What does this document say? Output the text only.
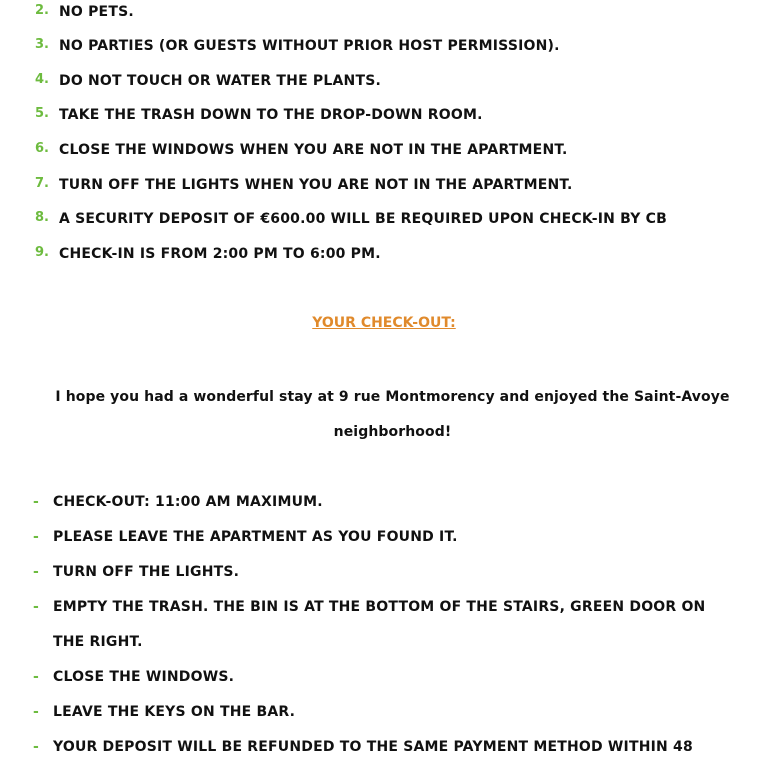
2. NO PETS.
3. NO PARTIES (OR GUESTS WITHOUT PRIOR HOST PERMISSION).
4. DO NOT TOUCH OR WATER THE PLANTS.
5. TAKE THE TRASH DOWN TO THE DROP-DOWN ROOM.
6. CLOSE THE WINDOWS WHEN YOU ARE NOT IN THE APARTMENT.
7. TURN OFF THE LIGHTS WHEN YOU ARE NOT IN THE APARTMENT.
8. A SECURITY DEPOSIT OF €600.00 WILL BE REQUIRED UPON CHECK-IN BY CB
9. CHECK-IN IS FROM 2:00 PM TO 6:00 PM.
YOUR CHECK-OUT:
I hope you had a wonderful stay at 9 rue Montmorency and enjoyed the Saint-Avoye neighborhood!
- CHECK-OUT: 11:00 AM MAXIMUM.
- PLEASE LEAVE THE APARTMENT AS YOU FOUND IT.
- TURN OFF THE LIGHTS.
- EMPTY THE TRASH. THE BIN IS AT THE BOTTOM OF THE STAIRS, GREEN DOOR ON THE RIGHT.
- CLOSE THE WINDOWS.
- LEAVE THE KEYS ON THE BAR.
- YOUR DEPOSIT WILL BE REFUNDED TO THE SAME PAYMENT METHOD WITHIN 48
